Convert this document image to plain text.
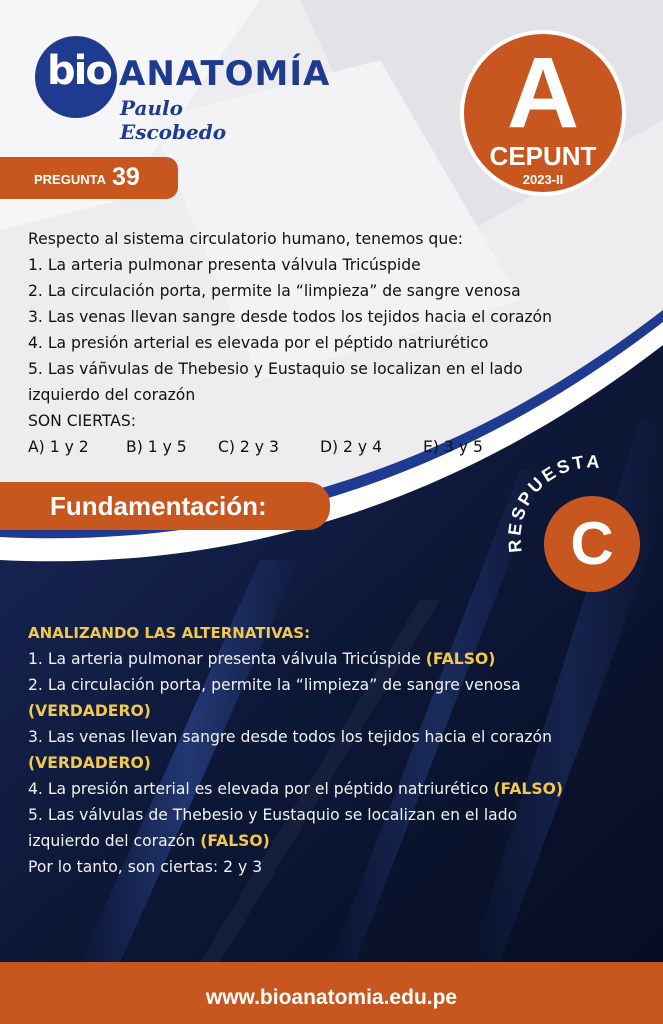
bio ANATOMÍA
Paulo Escobedo	A
CEPUNT
2023-II
PREGUNTA 39
Respecto al sistema circulatorio humano, tenemos que:
1. La arteria pulmonar presenta válvula Tricúspide
2. La circulación porta, permite la “limpieza” de sangre venosa
3. Las venas llevan sangre desde todos los tejidos hacia el corazón
4. La presión arterial es elevada por el péptido natriurético
5. Las váñvulas de Thebesio y Eustaquio se localizan en el lado
izquierdo del corazón
SON CIERTAS:
A) 1 y 2	B) 1 y 5	C) 2 y 3	D) 2 y 4	E) 3 y 5
Fundamentación:
RESPUESTA
C
ANALIZANDO LAS ALTERNATIVAS:
1. La arteria pulmonar presenta válvula Tricúspide (FALSO)
2. La circulación porta, permite la “limpieza” de sangre venosa
(VERDADERO)
3. Las venas llevan sangre desde todos los tejidos hacia el corazón
(VERDADERO)
4. La presión arterial es elevada por el péptido natriurético (FALSO)
5. Las válvulas de Thebesio y Eustaquio se localizan en el lado
izquierdo del corazón (FALSO)
Por lo tanto, son ciertas: 2 y 3
www.bioanatomia.edu.pe
